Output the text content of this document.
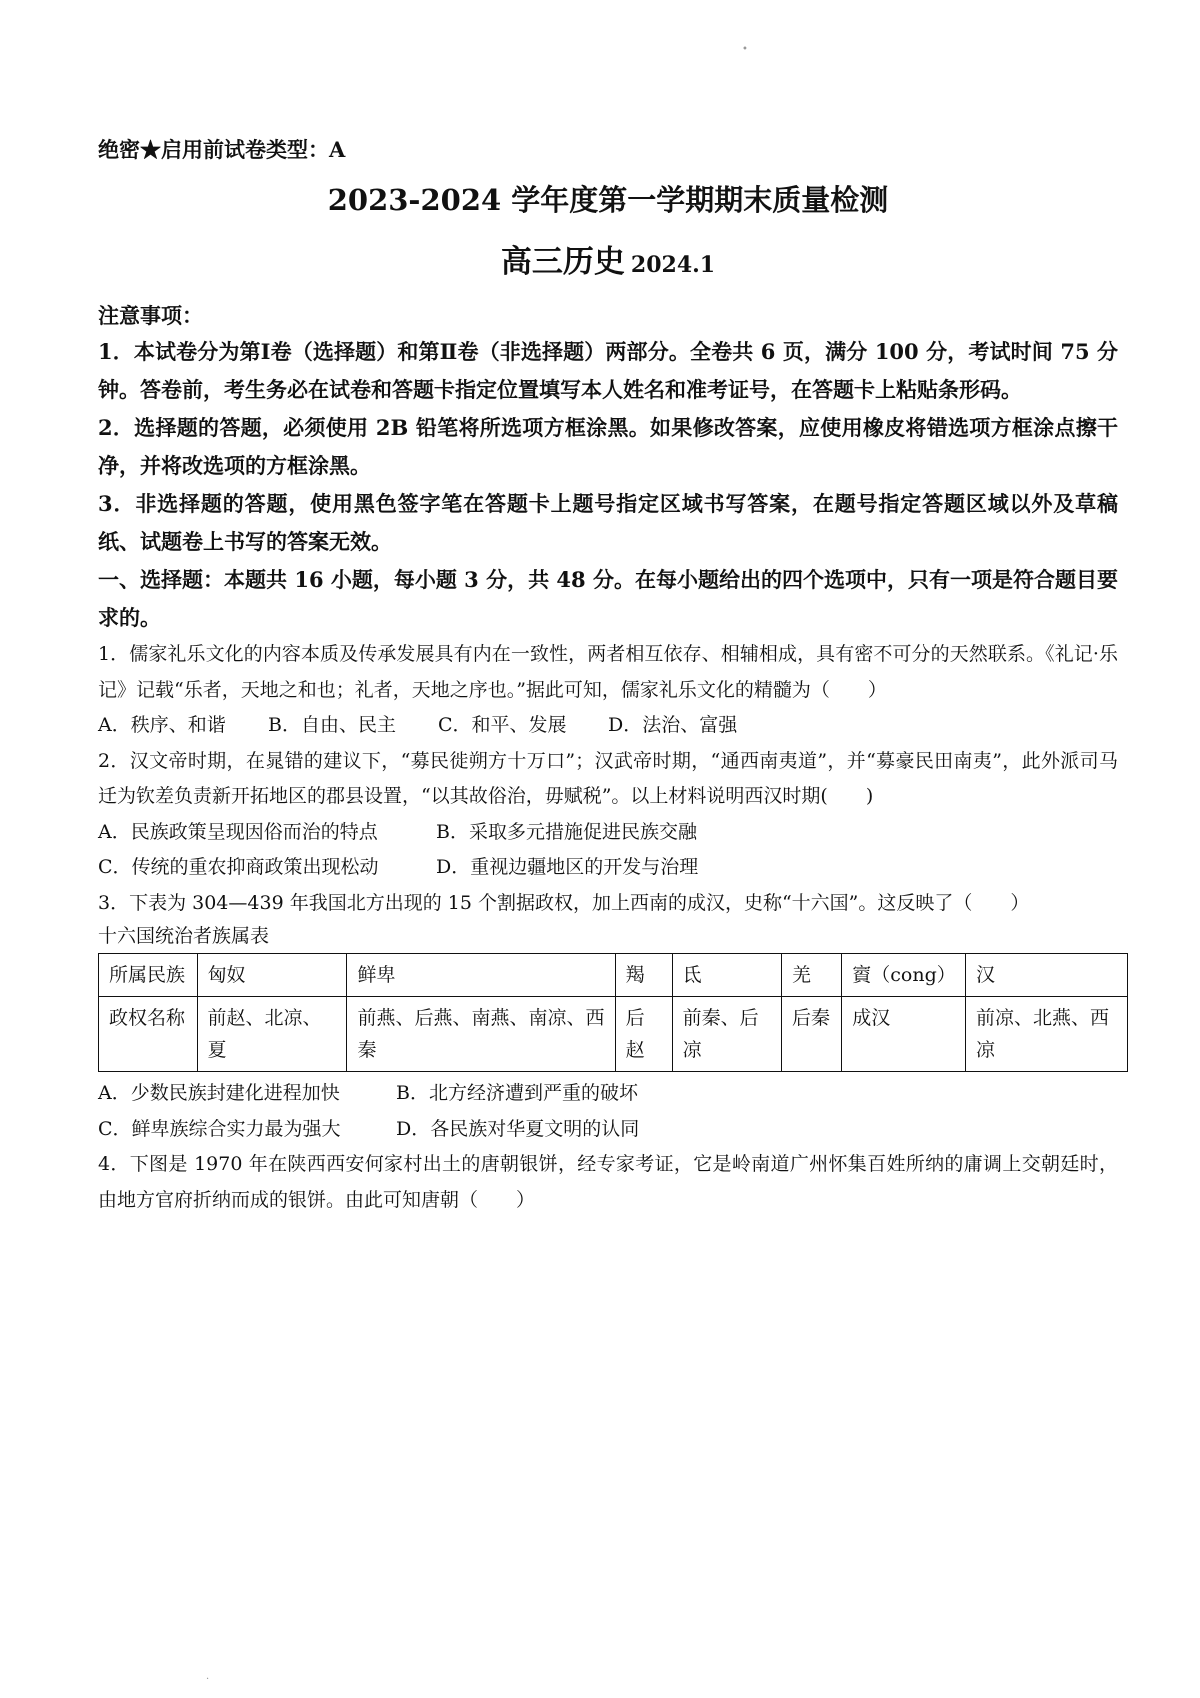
•
·

绝密★启用前试卷类型：A

2023-2024 学年度第一学期期末质量检测
高三历史 2024.1

注意事项：

1．本试卷分为第Ⅰ卷（选择题）和第Ⅱ卷（非选择题）两部分。全卷共 6 页，满分 100 分，考试时间 75 分钟。答卷前，考生务必在试卷和答题卡指定位置填写本人姓名和准考证号，在答题卡上粘贴条形码。

2．选择题的答题，必须使用 2B 铅笔将所选项方框涂黑。如果修改答案，应使用橡皮将错选项方框涂点擦干净，并将改选项的方框涂黑。

3．非选择题的答题，使用黑色签字笔在答题卡上题号指定区域书写答案，在题号指定答题区域以外及草稿纸、试题卷上书写的答案无效。

一、选择题：本题共 16 小题，每小题 3 分，共 48 分。在每小题给出的四个选项中，只有一项是符合题目要求的。

1．儒家礼乐文化的内容本质及传承发展具有内在一致性，两者相互依存、相辅相成，具有密不可分的天然联系。《礼记·乐记》记载“乐者，天地之和也；礼者，天地之序也。”据此可知，儒家礼乐文化的精髓为（　　）

A．秩序、和谐 B．自由、民主 C．和平、发展 D．法治、富强

2．汉文帝时期，在晁错的建议下，“募民徙朔方十万口”；汉武帝时期，“通西南夷道”，并“募豪民田南夷”，此外派司马迁为钦差负责新开拓地区的郡县设置，“以其故俗治，毋赋税”。以上材料说明西汉时期(　　)

A．民族政策呈现因俗而治的特点	B．采取多元措施促进民族交融

C．传统的重农抑商政策出现松动	D．重视边疆地区的开发与治理

3．下表为 304—439 年我国北方出现的 15 个割据政权，加上西南的成汉，史称“十六国”。这反映了（　　）

十六国统治者族属表

所属民族	匈奴	鲜卑	羯	氐	羌	賨（cong）	汉
政权名称	前赵、北凉、夏	前燕、后燕、南燕、南凉、西秦	后赵	前秦、后凉	后秦	成汉	前凉、北燕、西凉

A．少数民族封建化进程加快	B．北方经济遭到严重的破坏

C．鲜卑族综合实力最为强大	D．各民族对华夏文明的认同

4．下图是 1970 年在陕西西安何家村出土的唐朝银饼，经专家考证，它是岭南道广州怀集百姓所纳的庸调上交朝廷时，由地方官府折纳而成的银饼。由此可知唐朝（　　）
